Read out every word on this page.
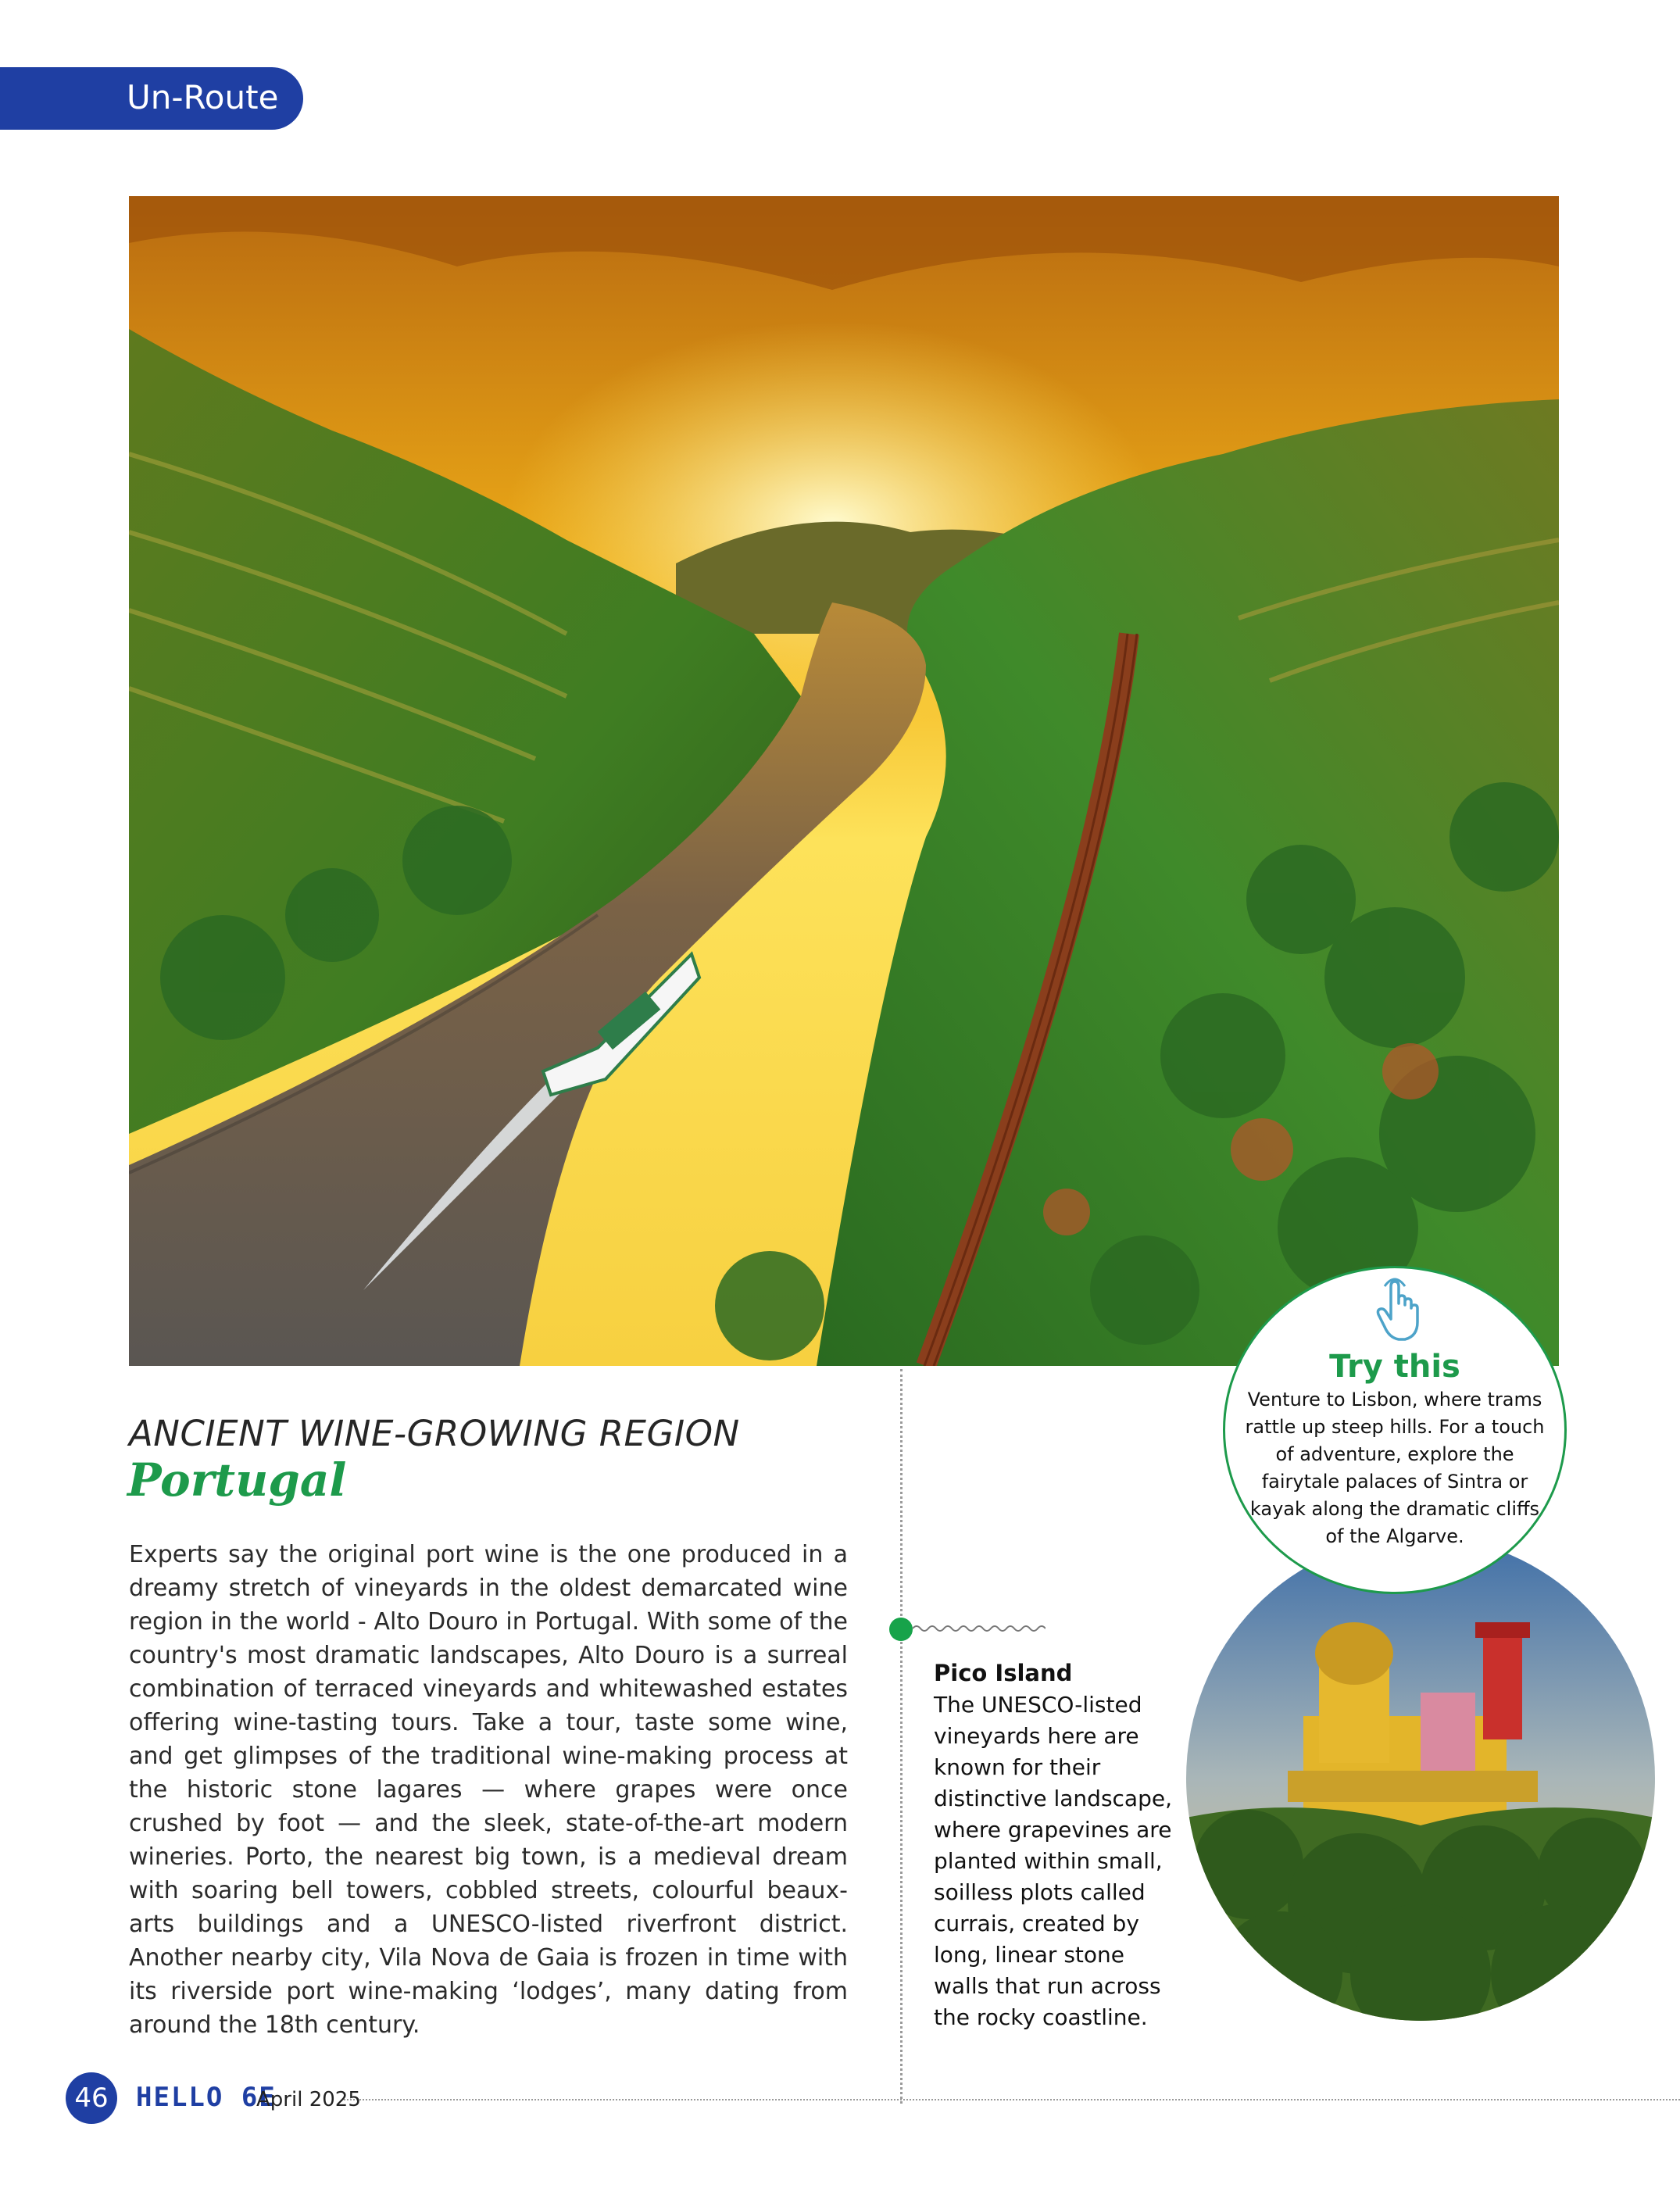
Un-Route
ANCIENT WINE-GROWING REGION
Portugal

Experts say the original port wine is the one produced in a dreamy stretch of vineyards in the oldest demarcated wine region in the world - Alto Douro in Portugal. With some of the country's most dramatic landscapes, Alto Douro is a surreal combination of terraced vineyards and whitewashed estates offering wine-tasting tours. Take a tour, taste some wine, and get glimpses of the traditional wine-making process at the historic stone lagares — where grapes were once crushed by foot — and the sleek, state-of-the-art modern wineries. Porto, the nearest big town, is a medieval dream with soaring bell towers, cobbled streets, colourful beaux-arts buildings and a UNESCO-listed riverfront district. Another nearby city, Vila Nova de Gaia is frozen in time with its riverside port wine-making ‘lodges’, many dating from around the 18th century.

Pico Island
The UNESCO-listed vineyards here are known for their distinctive landscape, where grapevines are planted within small, soilless plots called currais, created by long, linear stone walls that run across the rocky coastline.
Try this
Venture to Lisbon, where trams rattle up steep hills. For a touch of adventure, explore the fairytale palaces of Sintra or kayak along the dramatic cliffs of the Algarve.
46	HELLO 6E
April 2025
